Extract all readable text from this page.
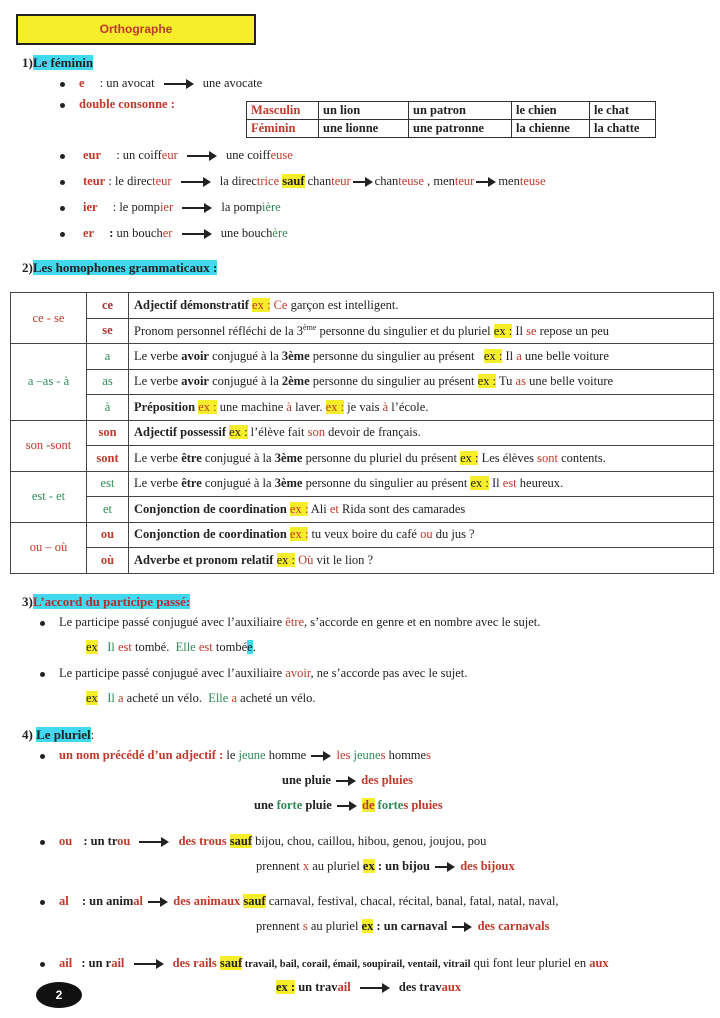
Orthographe
1)Le féminin
e : un avocat	une avocate
double consonne :	Masculin	un lion	un patron	le chien	le chat
Féminin	une lionne	une patronne	la chienne	la chatte
eur : un coiffeur	une coiffeuse
teur : le directeur	la directrice sauf chanteur chanteuse , menteur menteuse
ier : le pompier	la pompière
er : un boucher	une bouchère
2)Les homophones grammaticaux :
ce - se	ce	Adjectif démonstratif ex : Ce garçon est intelligent.
	se	Pronom personnel réfléchi de la 3ème personne du singulier et du pluriel ex : Il se repose un peu
a –as - à	a	Le verbe avoir conjugué à la 3ème personne du singulier au présent ex : Il a une belle voiture
	as	Le verbe avoir conjugué à la 2ème personne du singulier au présent ex : Tu as une belle voiture
	à	Préposition ex : une machine à laver. ex : je vais à l’école.
son -sont	son	Adjectif possessif ex : l’élève fait son devoir de français.
	sont	Le verbe être conjugué à la 3ème personne du pluriel du présent ex : Les élèves sont contents.
est - et	est	Le verbe être conjugué à la 3ème personne du singulier au présent ex : Il est heureux.
	et	Conjonction de coordination ex : Ali et Rida sont des camarades
ou – où	ou	Conjonction de coordination ex : tu veux boire du café ou du jus ?
	où	Adverbe et pronom relatif ex : Où vit le lion ?
3)L’accord du participe passé:
Le participe passé conjugué avec l’auxiliaire être, s’accorde en genre et en nombre avec le sujet.
ex Il est tombé. Elle est tombée.
Le participe passé conjugué avec l’auxiliaire avoir, ne s’accorde pas avec le sujet.
ex Il a acheté un vélo. Elle a acheté un vélo.
4) Le pluriel:
un nom précédé d’un adjectif : le jeune homme les jeunes hommes
une pluie des pluies
une forte pluie de fortes pluies
ou : un trou	des trous sauf bijou, chou, caillou, hibou, genou, joujou, pou
prennent x au pluriel ex : un bijou des bijoux
al : un animal des animaux sauf carnaval, festival, chacal, récital, banal, fatal, natal, naval,
prennent s au pluriel ex : un carnaval des carnavals
ail : un rail	des rails sauf travail, bail, corail, émail, soupirail, ventail, vitrail qui font leur pluriel en aux
ex : un travail	des travaux
2
